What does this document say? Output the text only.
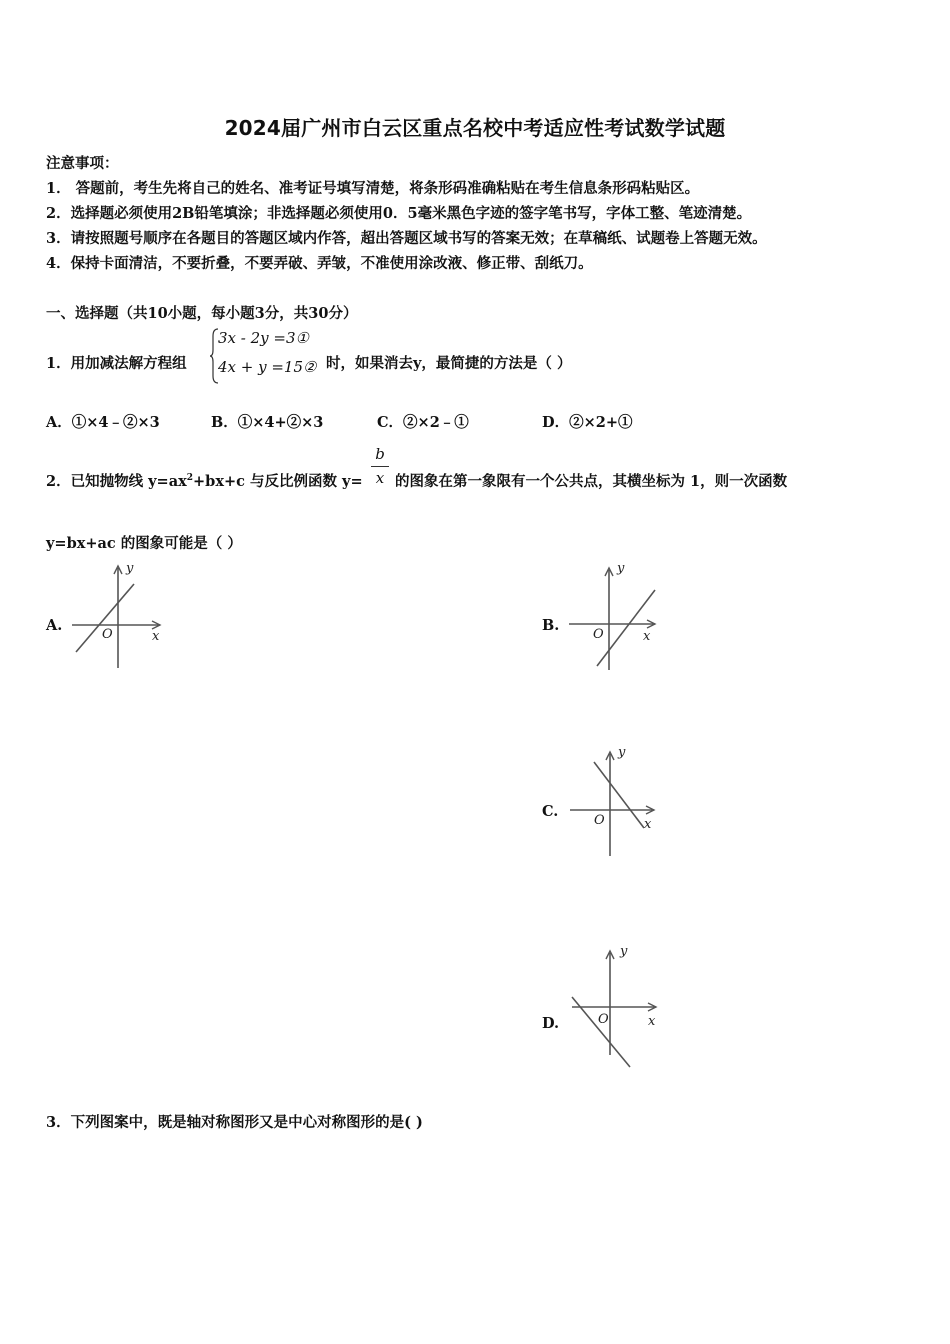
2024届广州市白云区重点名校中考适应性考试数学试题
注意事项：
1． 答题前，考生先将自己的姓名、准考证号填写清楚，将条形码准确粘贴在考生信息条形码粘贴区。
2．选择题必须使用2B铅笔填涂；非选择题必须使用0．5毫米黑色字迹的签字笔书写，字体工整、笔迹清楚。
3．请按照题号顺序在各题目的答题区域内作答，超出答题区域书写的答案无效；在草稿纸、试题卷上答题无效。
4．保持卡面清洁，不要折叠，不要弄破、弄皱，不准使用涂改液、修正带、刮纸刀。
一、选择题（共10小题，每小题3分，共30分）
1．用加减法解方程组
3x - 2y =3①
4x + y =15② 时，如果消去y，最简捷的方法是（ ）
A．①×4﹣②×3	B．①×4+②×3	C．②×2﹣①	D．②×2+①
2．已知抛物线 $y=ax^2+bx+c$ 与反比例函数 y=
b
x 的图象在第一象限有一个公共点，其横坐标为 1，则一次函数
y=bx+ac 的图象可能是（ ）
A.
y
x
O
B.
y
x
O
C.
y
x
O
D.
y
x
O
3．下列图案中，既是轴对称图形又是中心对称图形的是( )
